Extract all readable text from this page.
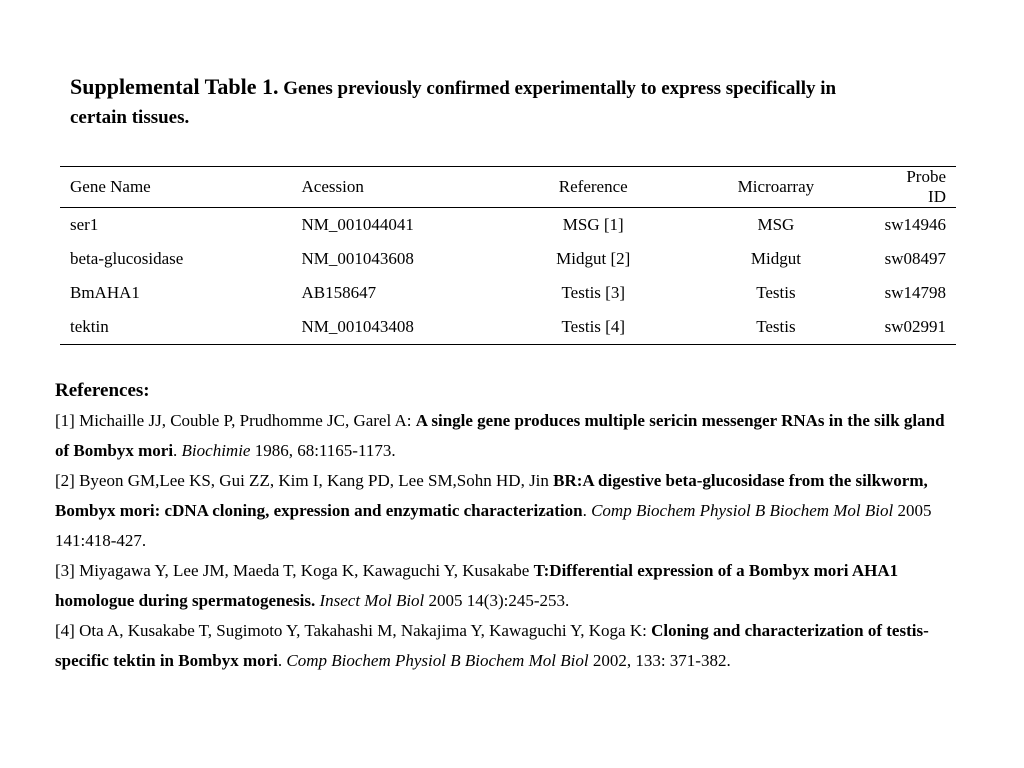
Supplemental Table 1. Genes previously confirmed experimentally to express specifically in certain tissues.
Gene Name	Acession	Reference	Microarray	Probe ID
ser1	NM_001044041	MSG [1]	MSG	sw14946
beta-glucosidase	NM_001043608	Midgut [2]	Midgut	sw08497
BmAHA1	AB158647	Testis [3]	Testis	sw14798
tektin	NM_001043408	Testis [4]	Testis	sw02991
References:

[1] Michaille JJ, Couble P, Prudhomme JC, Garel A: A single gene produces multiple sericin messenger RNAs in the silk gland of Bombyx mori. Biochimie 1986, 68:1165-1173.

[2] Byeon GM,Lee KS, Gui ZZ, Kim I, Kang PD, Lee SM,Sohn HD, Jin BR:A digestive beta-glucosidase from the silkworm, Bombyx mori: cDNA cloning, expression and enzymatic characterization. Comp Biochem Physiol B Biochem Mol Biol 2005 141:418-427.

[3] Miyagawa Y, Lee JM, Maeda T, Koga K, Kawaguchi Y, Kusakabe T:Differential expression of a Bombyx mori AHA1 homologue during spermatogenesis. Insect Mol Biol 2005 14(3):245-253.

[4] Ota A, Kusakabe T, Sugimoto Y, Takahashi M, Nakajima Y, Kawaguchi Y, Koga K: Cloning and characterization of testis-specific tektin in Bombyx mori. Comp Biochem Physiol B Biochem Mol Biol 2002, 133: 371-382.
